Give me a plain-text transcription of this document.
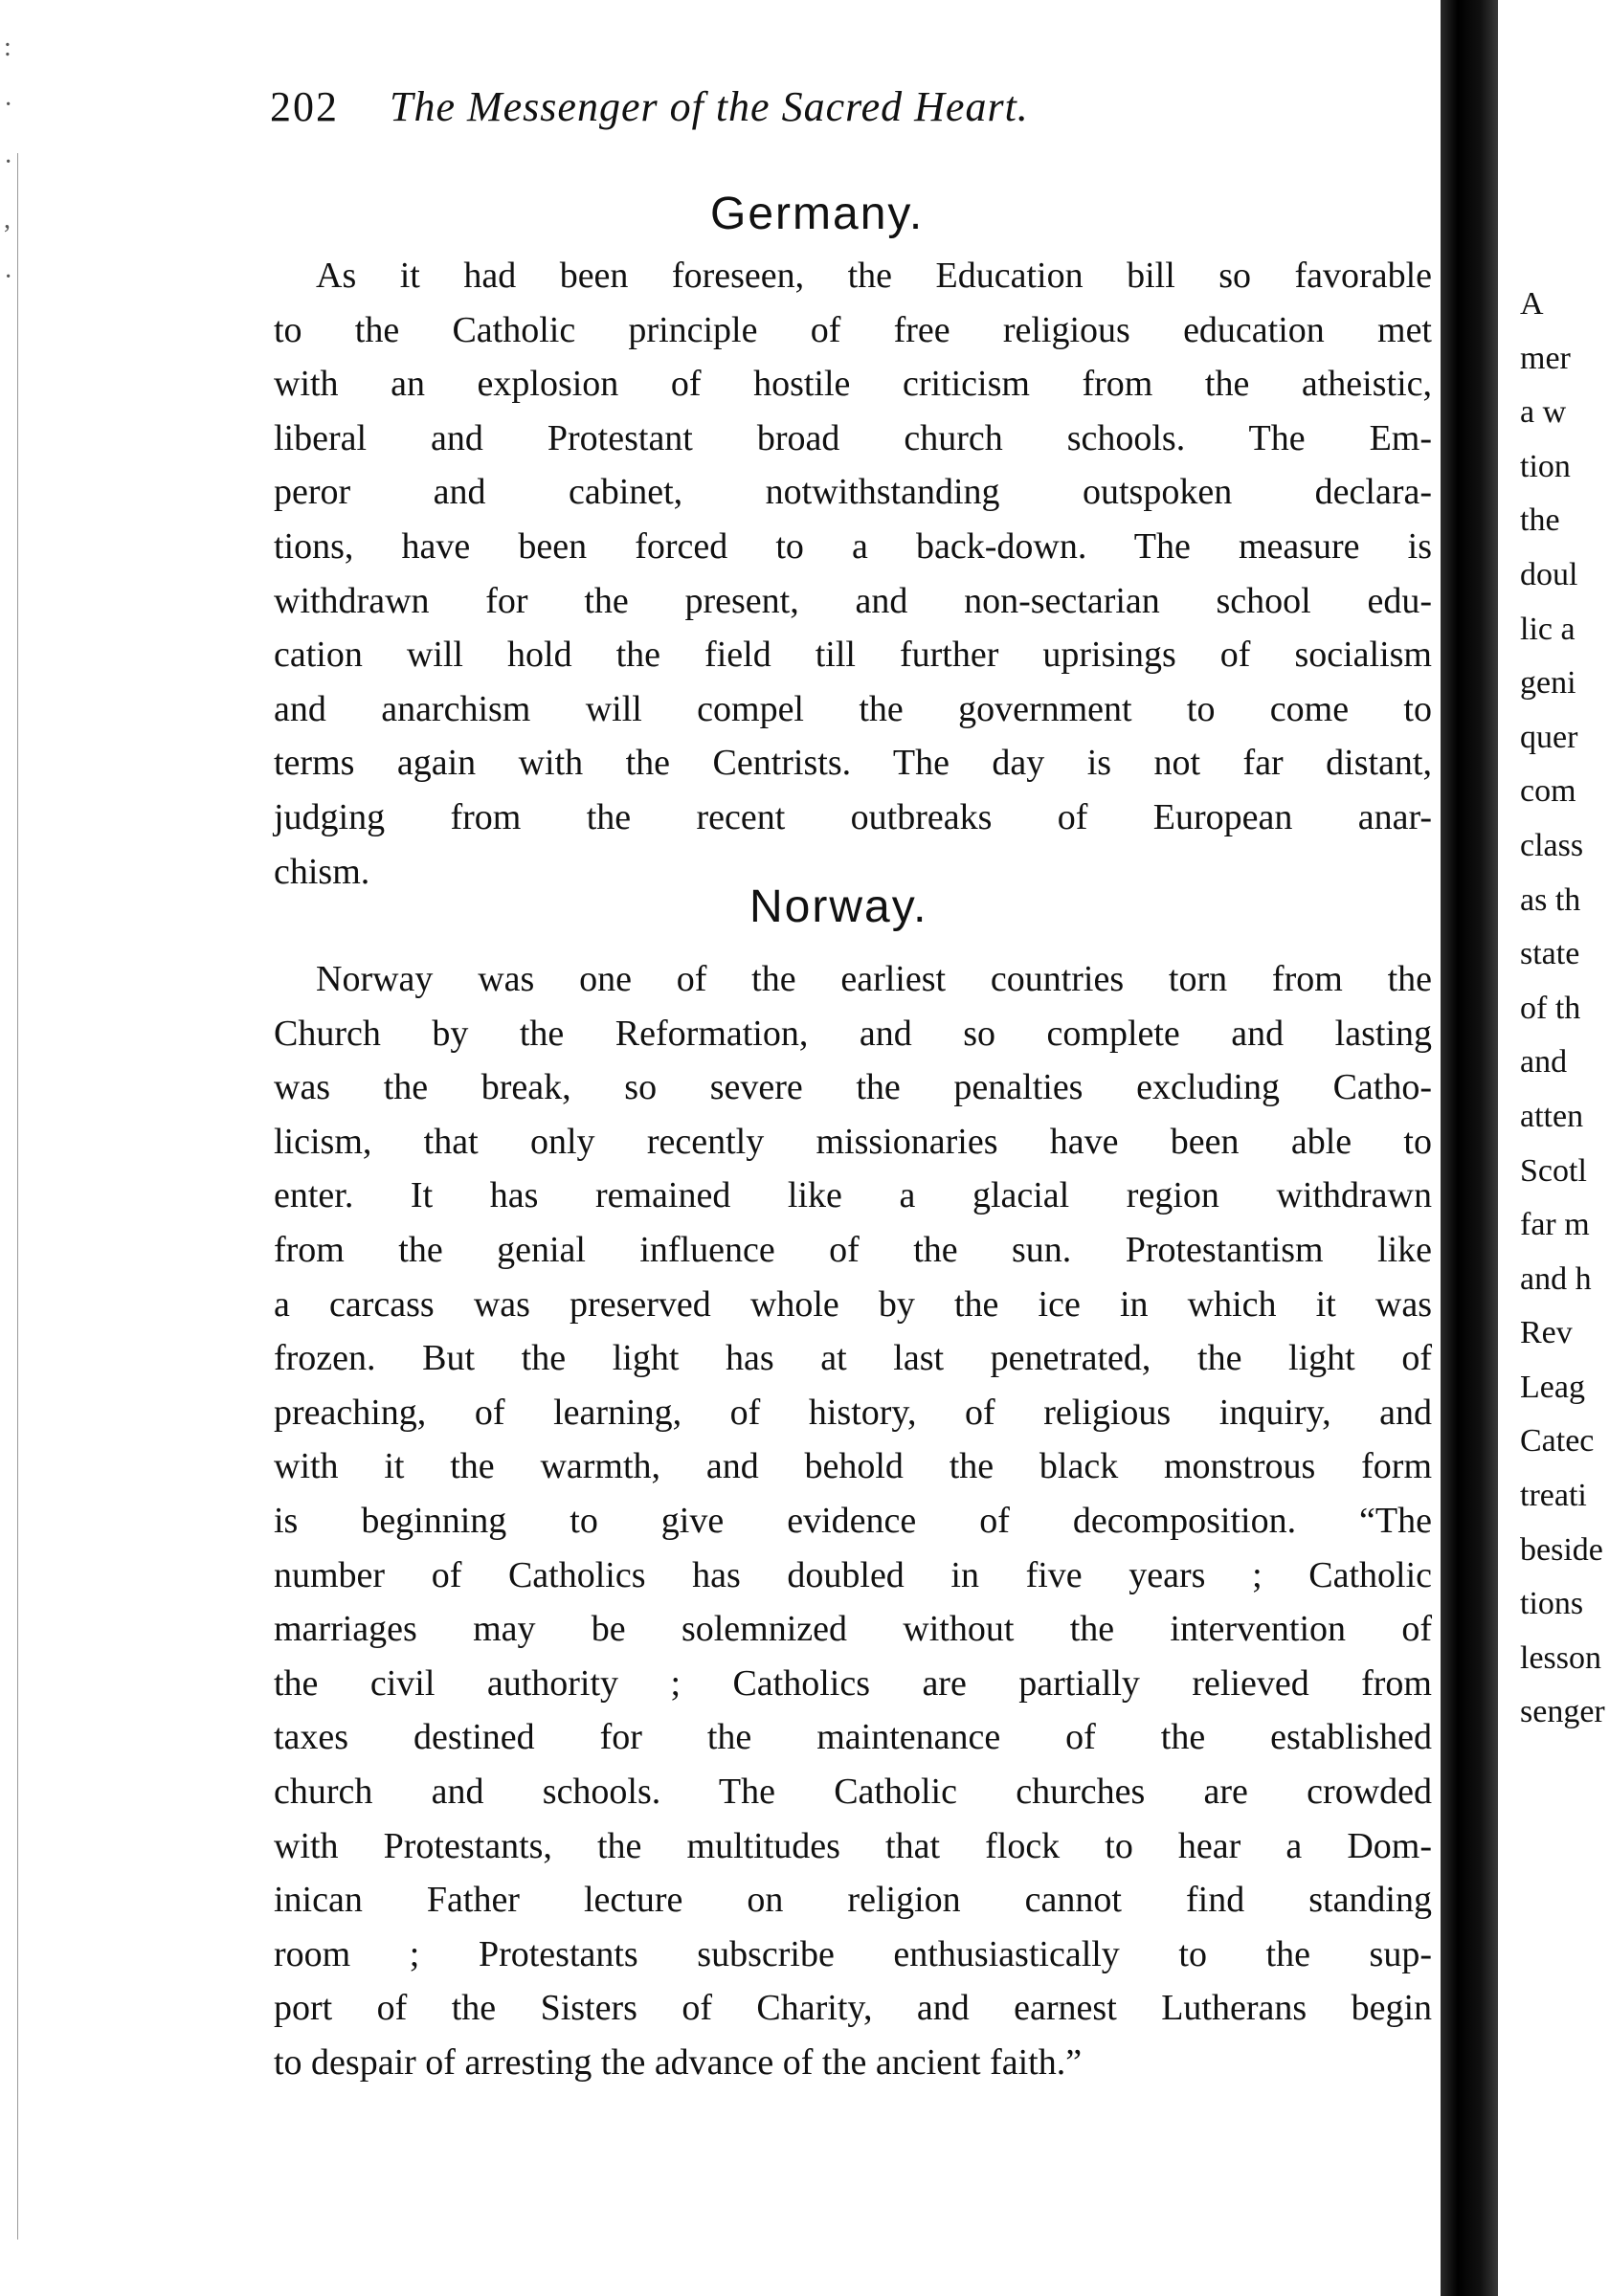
:
·
·
,
·
202 The Messenger of the Sacred Heart.
Germany.
As it had been foreseen, the Education bill so favorable
to the Catholic principle of free religious education met
with an explosion of hostile criticism from the atheistic,
liberal and Protestant broad church schools. The Em-
peror and cabinet, notwithstanding outspoken declara-
tions, have been forced to a back-down. The measure is
withdrawn for the present, and non-sectarian school edu-
cation will hold the field till further uprisings of socialism
and anarchism will compel the government to come to
terms again with the Centrists. The day is not far distant,
judging from the recent outbreaks of European anar-
chism.
Norway.
Norway was one of the earliest countries torn from the
Church by the Reformation, and so complete and lasting
was the break, so severe the penalties excluding Catho-
licism, that only recently missionaries have been able to
enter. It has remained like a glacial region withdrawn
from the genial influence of the sun. Protestantism like
a carcass was preserved whole by the ice in which it was
frozen. But the light has at last penetrated, the light of
preaching, of learning, of history, of religious inquiry, and
with it the warmth, and behold the black monstrous form
is beginning to give evidence of decomposition. “The
number of Catholics has doubled in five years ; Catholic
marriages may be solemnized without the intervention of
the civil authority ; Catholics are partially relieved from
taxes destined for the maintenance of the established
church and schools. The Catholic churches are crowded
with Protestants, the multitudes that flock to hear a Dom-
inican Father lecture on religion cannot find standing
room ; Protestants subscribe enthusiastically to the sup-
port of the Sisters of Charity, and earnest Lutherans begin
to despair of arresting the advance of the ancient faith.”
A
mer
a w
tion
the
doul
lic a
geni
quer
com
class
as th
state
of th
and
atten
Scotl
far m
and h
Rev
Leag
Catec
treati
beside
tions
lesson
senger
